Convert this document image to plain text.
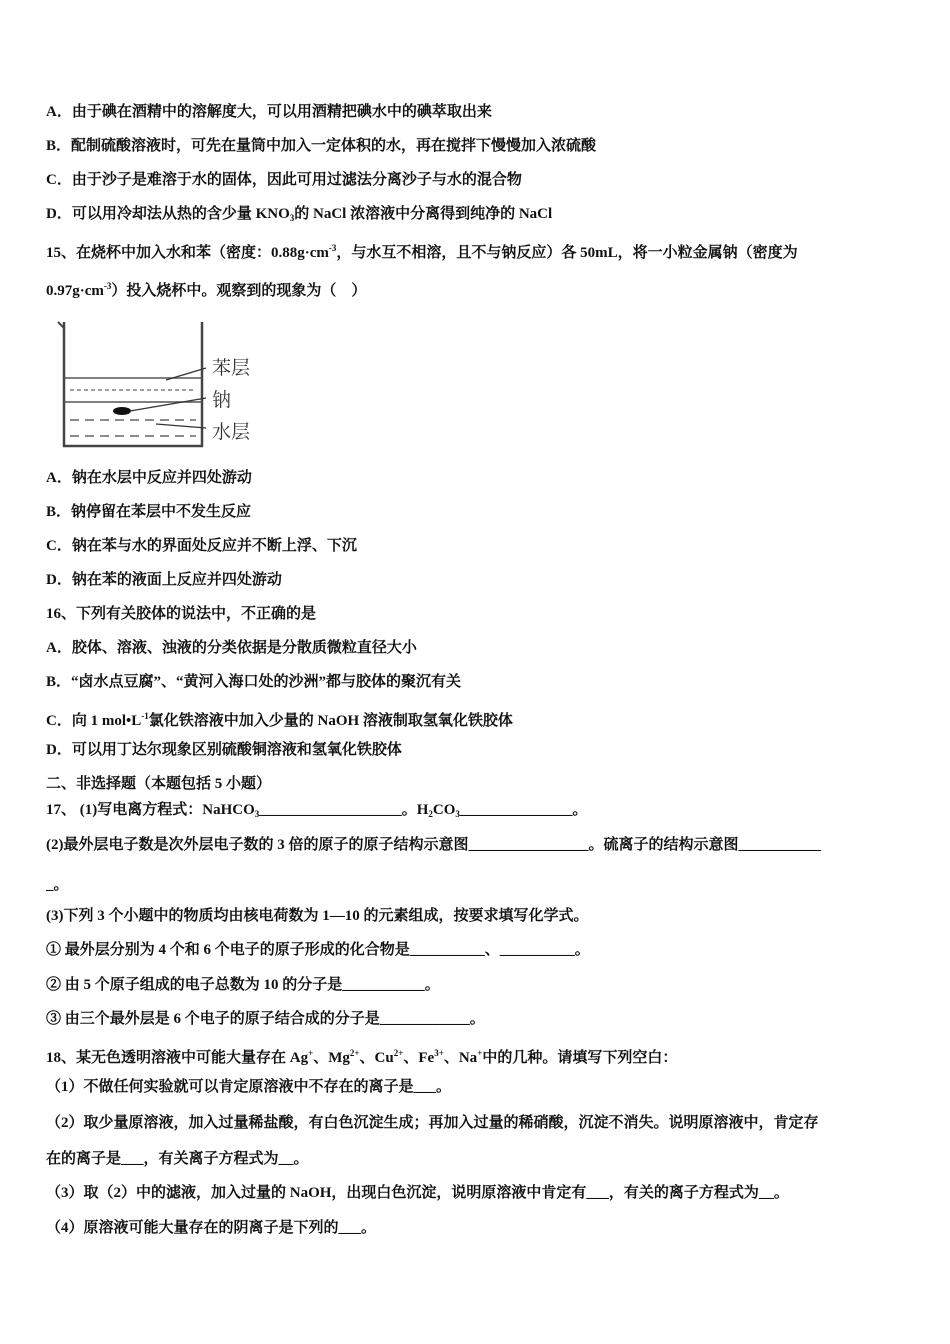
A．由于碘在酒精中的溶解度大，可以用酒精把碘水中的碘萃取出来
B．配制硫酸溶液时，可先在量筒中加入一定体积的水，再在搅拌下慢慢加入浓硫酸
C．由于沙子是难溶于水的固体，因此可用过滤法分离沙子与水的混合物
D．可以用冷却法从热的含少量 $KNO_3$的 NaCl 浓溶液中分离得到纯净的 NaCl
15、在烧杯中加入水和苯（密度：$0.88g\cdot cm^{-3}$，与水互不相溶，且不与钠反应）各 50mL，将一小粒金属钠（密度为
$0.97g\cdot cm^{-3}$）投入烧杯中。观察到的现象为（　）
A．钠在水层中反应并四处游动
B．钠停留在苯层中不发生反应
C．钠在苯与水的界面处反应并不断上浮、下沉
D．钠在苯的液面上反应并四处游动
16、下列有关胶体的说法中，不正确的是
A．胶体、溶液、浊液的分类依据是分散质微粒直径大小
B．“卤水点豆腐”、“黄河入海口处的沙洲”都与胶体的聚沉有关
C．向 1 $mol•L^{-1}$氯化铁溶液中加入少量的 NaOH 溶液制取氢氧化铁胶体
D．可以用丁达尔现象区别硫酸铜溶液和氢氧化铁胶体
二、非选择题（本题包括 5 小题）
17、 (1)写电离方程式：NaHCO$_3$___________________。$H_2CO_3\_\_\_\_\_\_\_\_\_\_\_\_\_\_\_$。
(2)最外层电子数是次外层电子数的 3 倍的原子的原子结构示意图________________。硫离子的结构示意图___________
_。
(3)下列 3 个小题中的物质均由核电荷数为 1—10 的元素组成，按要求填写化学式。
① 最外层分别为 4 个和 6 个电子的原子形成的化合物是__________、__________。
② 由 5 个原子组成的电子总数为 10 的分子是___________。
③ 由三个最外层是 6 个电子的原子结合成的分子是____________。
18、某无色透明溶液中可能大量存在 Ag+、$Mg^{2+}$、$Cu^{2+}$、$Fe^{3+}$、Na+中的几种。请填写下列空白：
（1）不做任何实验就可以肯定原溶液中不存在的离子是___。
（2）取少量原溶液，加入过量稀盐酸，有白色沉淀生成；再加入过量的稀硝酸，沉淀不消失。说明原溶液中，肯定存
在的离子是___，有关离子方程式为__。
（3）取（2）中的滤液，加入过量的 NaOH，出现白色沉淀，说明原溶液中肯定有___，有关的离子方程式为__。
（4）原溶液可能大量存在的阴离子是下列的___。
苯层
钠
水层
